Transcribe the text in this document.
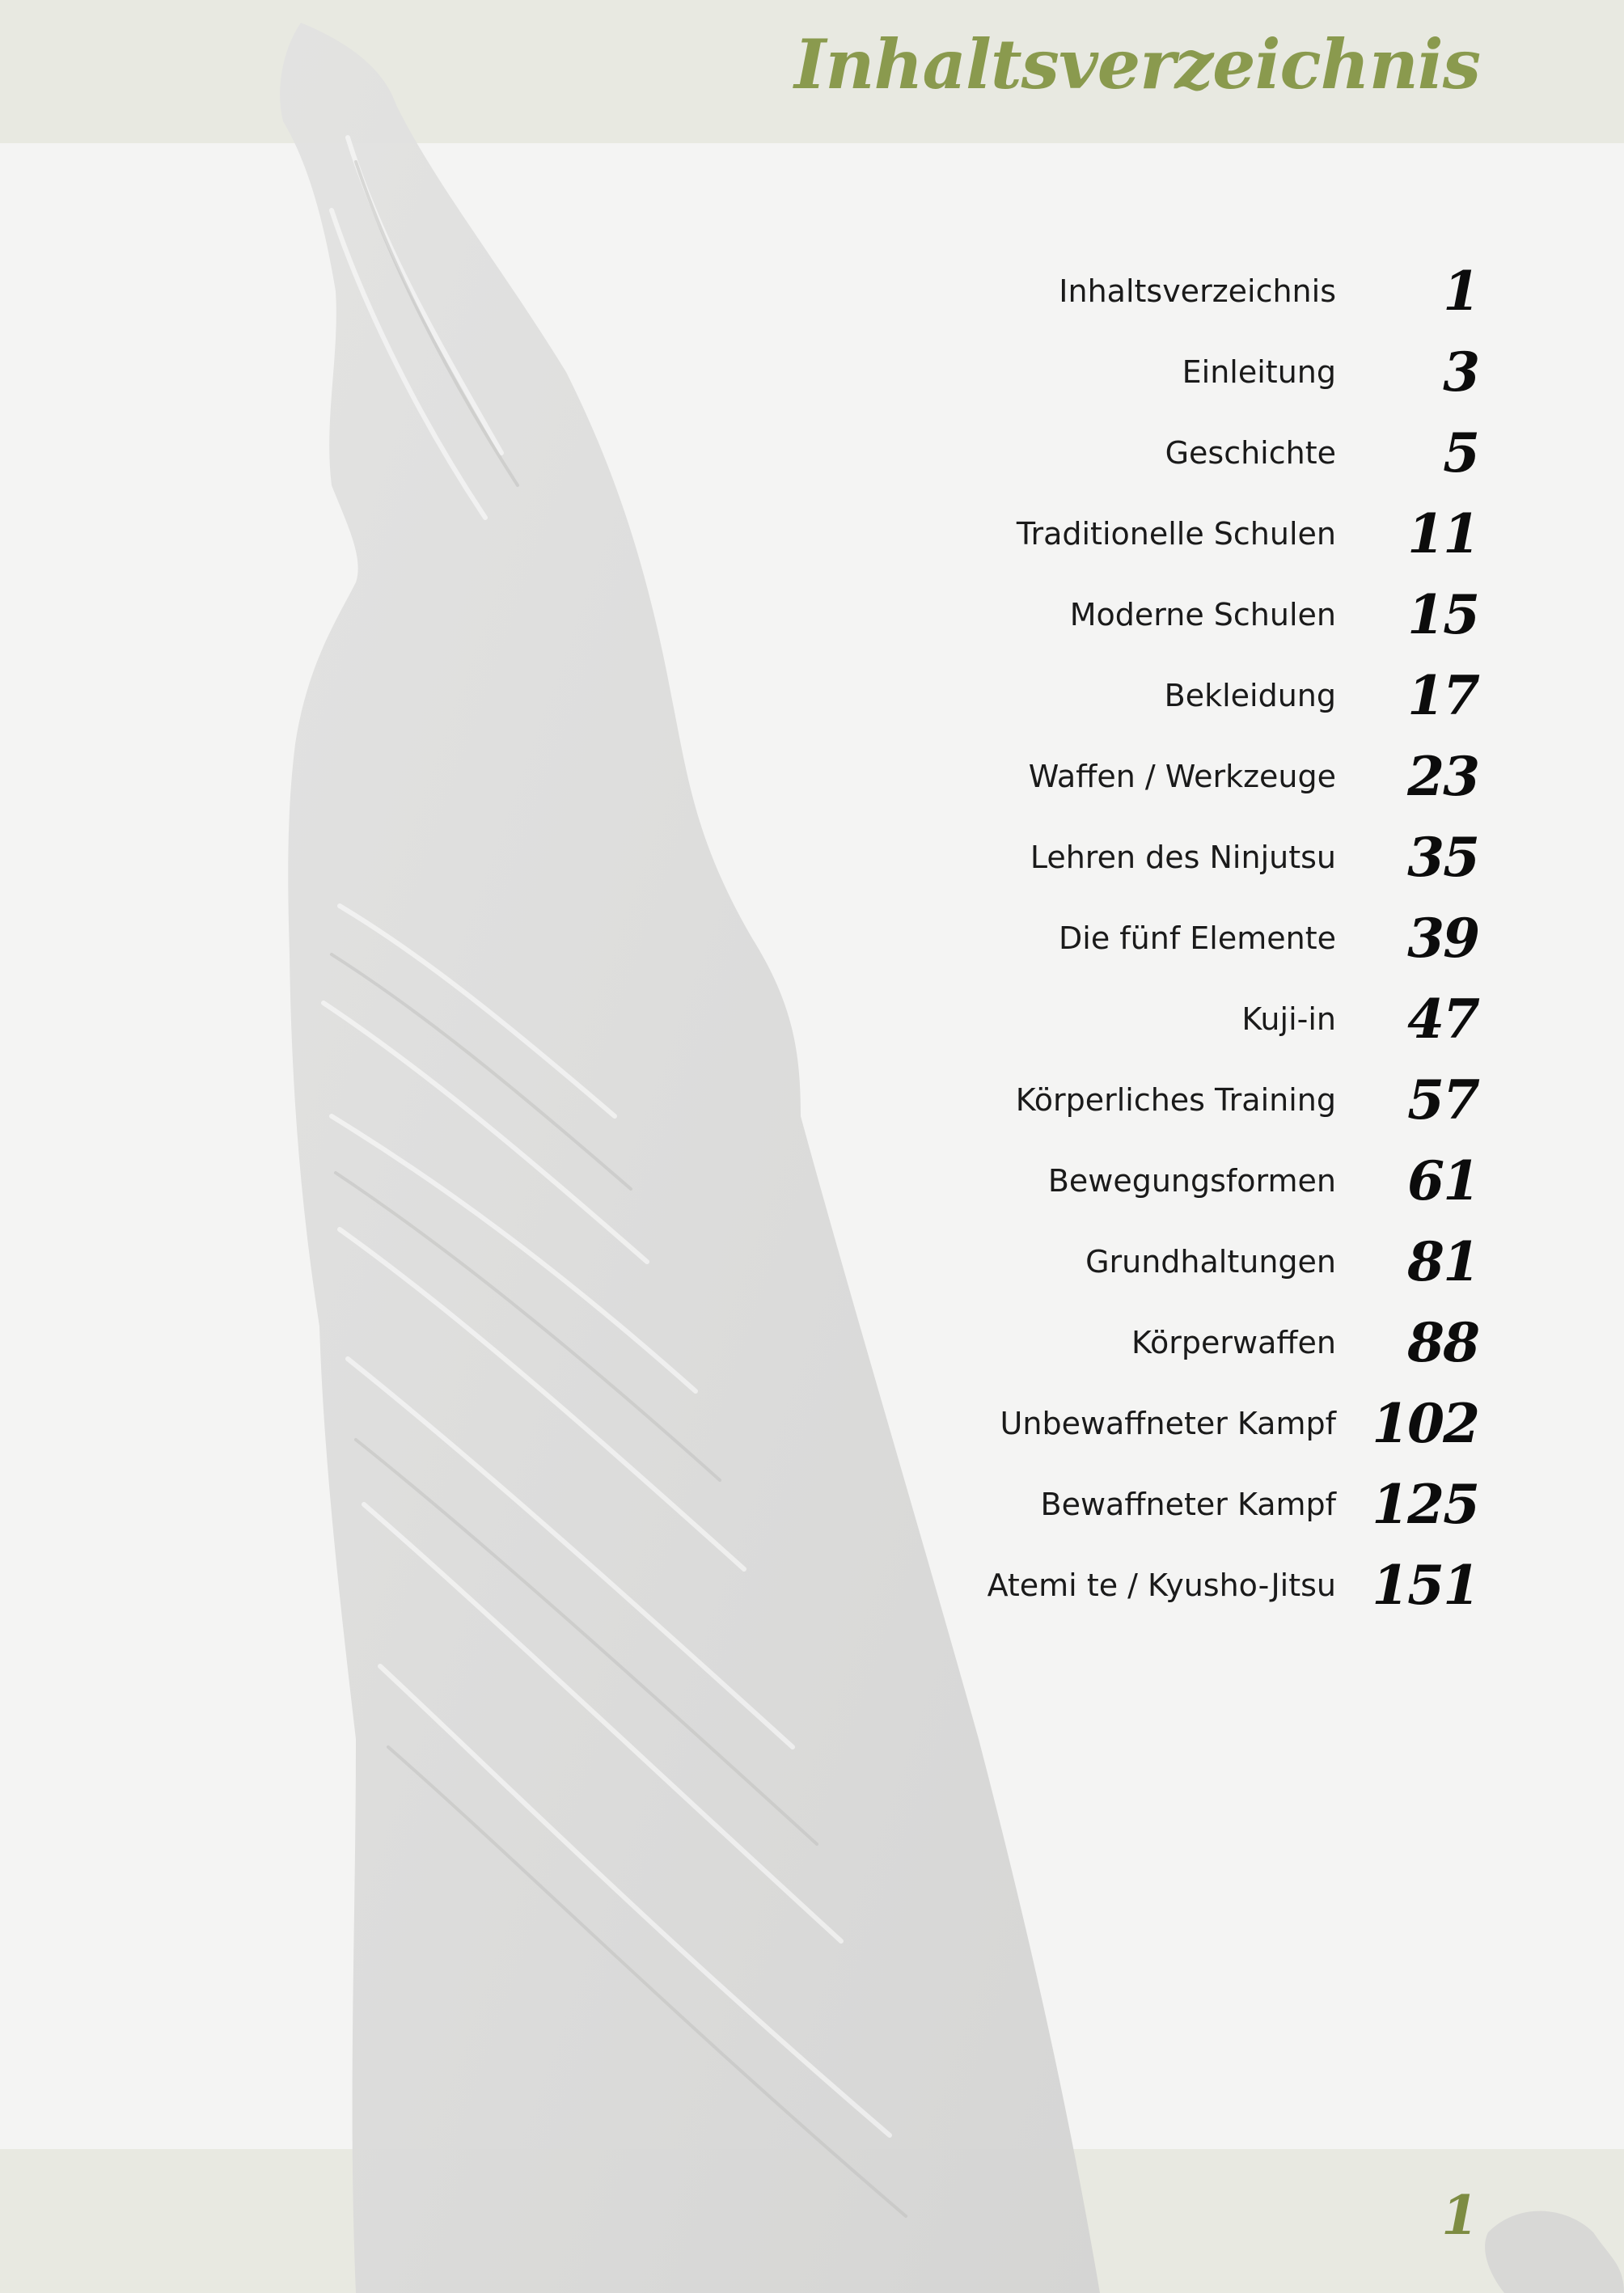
Inhaltsverzeichnis
Inhaltsverzeichnis 1
Einleitung 3
Geschichte 5
Traditionelle Schulen 11
Moderne Schulen 15
Bekleidung 17
Waffen / Werkzeuge 23
Lehren des Ninjutsu 35
Die fünf Elemente 39
Kuji-in 47
Körperliches Training 57
Bewegungsformen 61
Grundhaltungen 81
Körperwaffen 88
Unbewaffneter Kampf 102
Bewaffneter Kampf 125
Atemi te / Kyusho-Jitsu 151
1
